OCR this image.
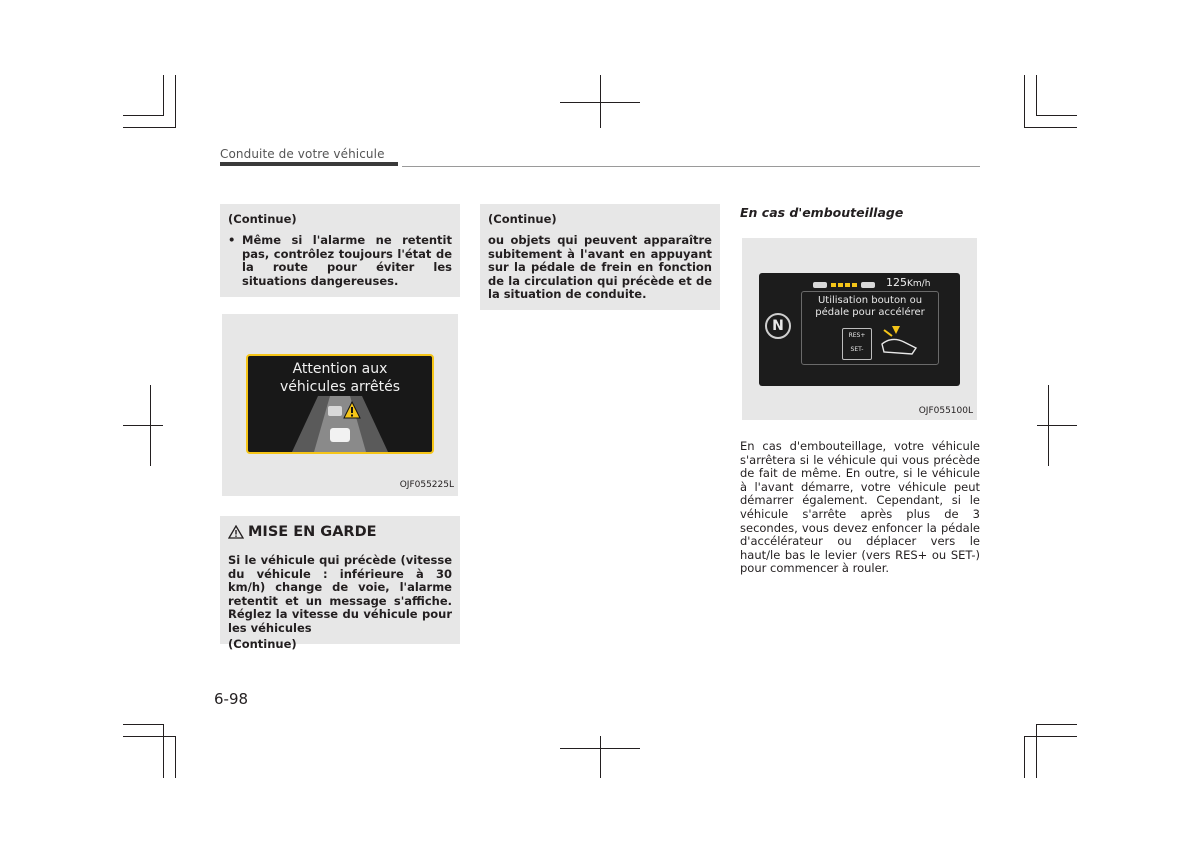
Conduite de votre véhicule
(Continue)
• Même si l'alarme ne retentit pas, contrôlez toujours l'état de la route pour éviter les situations dangereuses.
Attention aux
véhicules arrêtés
OJF055225L
MISE EN GARDE
Si le véhicule qui précède (vitesse du véhicule : inférieure à 30 km/h) change de voie, l'alarme retentit et un message s'affiche. Réglez la vitesse du véhicule pour les véhicules
(Continue)
(Continue)
ou objets qui peuvent apparaître subitement à l'avant en appuyant sur la pédale de frein en fonction de la circulation qui précède et de la situation de conduite.
En cas d'embouteillage
N
125Km/h
Utilisation bouton ou
pédale pour accélérer
RES+
SET-
OJF055100L
En cas d'embouteillage, votre véhicule s'arrêtera si le véhicule qui vous précède de fait de même. En outre, si le véhicule à l'avant démarre, votre véhicule peut démarrer également. Cependant, si le véhicule s'arrête après plus de 3 secondes, vous devez enfoncer la pédale d'accélérateur ou déplacer vers le haut/le bas le levier (vers RES+ ou SET-) pour commencer à rouler.
6-98
